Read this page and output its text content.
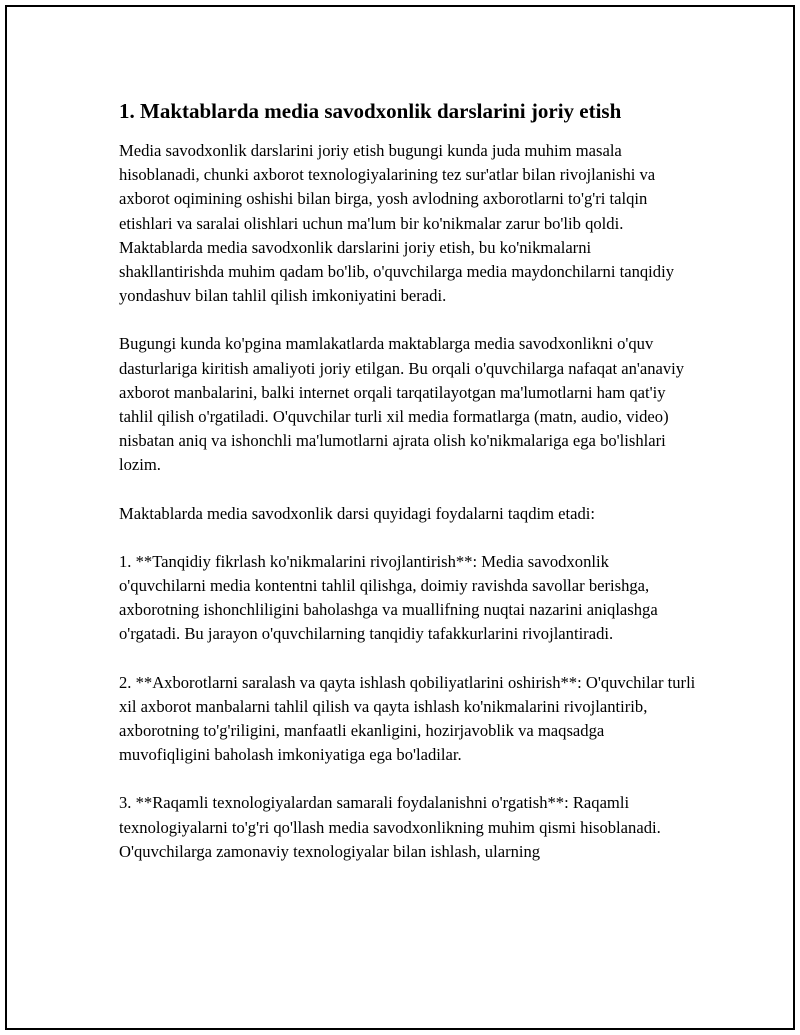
1. Maktablarda media savodxonlik darslarini joriy etish

Media savodxonlik darslarini joriy etish bugungi kunda juda muhim masala hisoblanadi, chunki axborot texnologiyalarining tez sur'atlar bilan rivojlanishi va axborot oqimining oshishi bilan birga, yosh avlodning axborotlarni to'g'ri talqin etishlari va saralai olishlari uchun ma'lum bir ko'nikmalar zarur bo'lib qoldi. Maktablarda media savodxonlik darslarini joriy etish, bu ko'nikmalarni shakllantirishda muhim qadam bo'lib, o'quvchilarga media maydonchilarni tanqidiy yondashuv bilan tahlil qilish imkoniyatini beradi.

Bugungi kunda ko'pgina mamlakatlarda maktablarga media savodxonlikni o'quv dasturlariga kiritish amaliyoti joriy etilgan. Bu orqali o'quvchilarga nafaqat an'anaviy axborot manbalarini, balki internet orqali tarqatilayotgan ma'lumotlarni ham qat'iy tahlil qilish o'rgatiladi. O'quvchilar turli xil media formatlarga (matn, audio, video) nisbatan aniq va ishonchli ma'lumotlarni ajrata olish ko'nikmalariga ega bo'lishlari lozim.

Maktablarda media savodxonlik darsi quyidagi foydalarni taqdim etadi:

1. **Tanqidiy fikrlash ko'nikmalarini rivojlantirish**: Media savodxonlik o'quvchilarni media kontentni tahlil qilishga, doimiy ravishda savollar berishga, axborotning ishonchliligini baholashga va muallifning nuqtai nazarini aniqlashga o'rgatadi. Bu jarayon o'quvchilarning tanqidiy tafakkurlarini rivojlantiradi.

2. **Axborotlarni saralash va qayta ishlash qobiliyatlarini oshirish**: O'quvchilar turli xil axborot manbalarni tahlil qilish va qayta ishlash ko'nikmalarini rivojlantirib, axborotning to'g'riligini, manfaatli ekanligini, hozirjavoblik va maqsadga muvofiqligini baholash imkoniyatiga ega bo'ladilar.

3. **Raqamli texnologiyalardan samarali foydalanishni o'rgatish**: Raqamli texnologiyalarni to'g'ri qo'llash media savodxonlikning muhim qismi hisoblanadi. O'quvchilarga zamonaviy texnologiyalar bilan ishlash, ularning
